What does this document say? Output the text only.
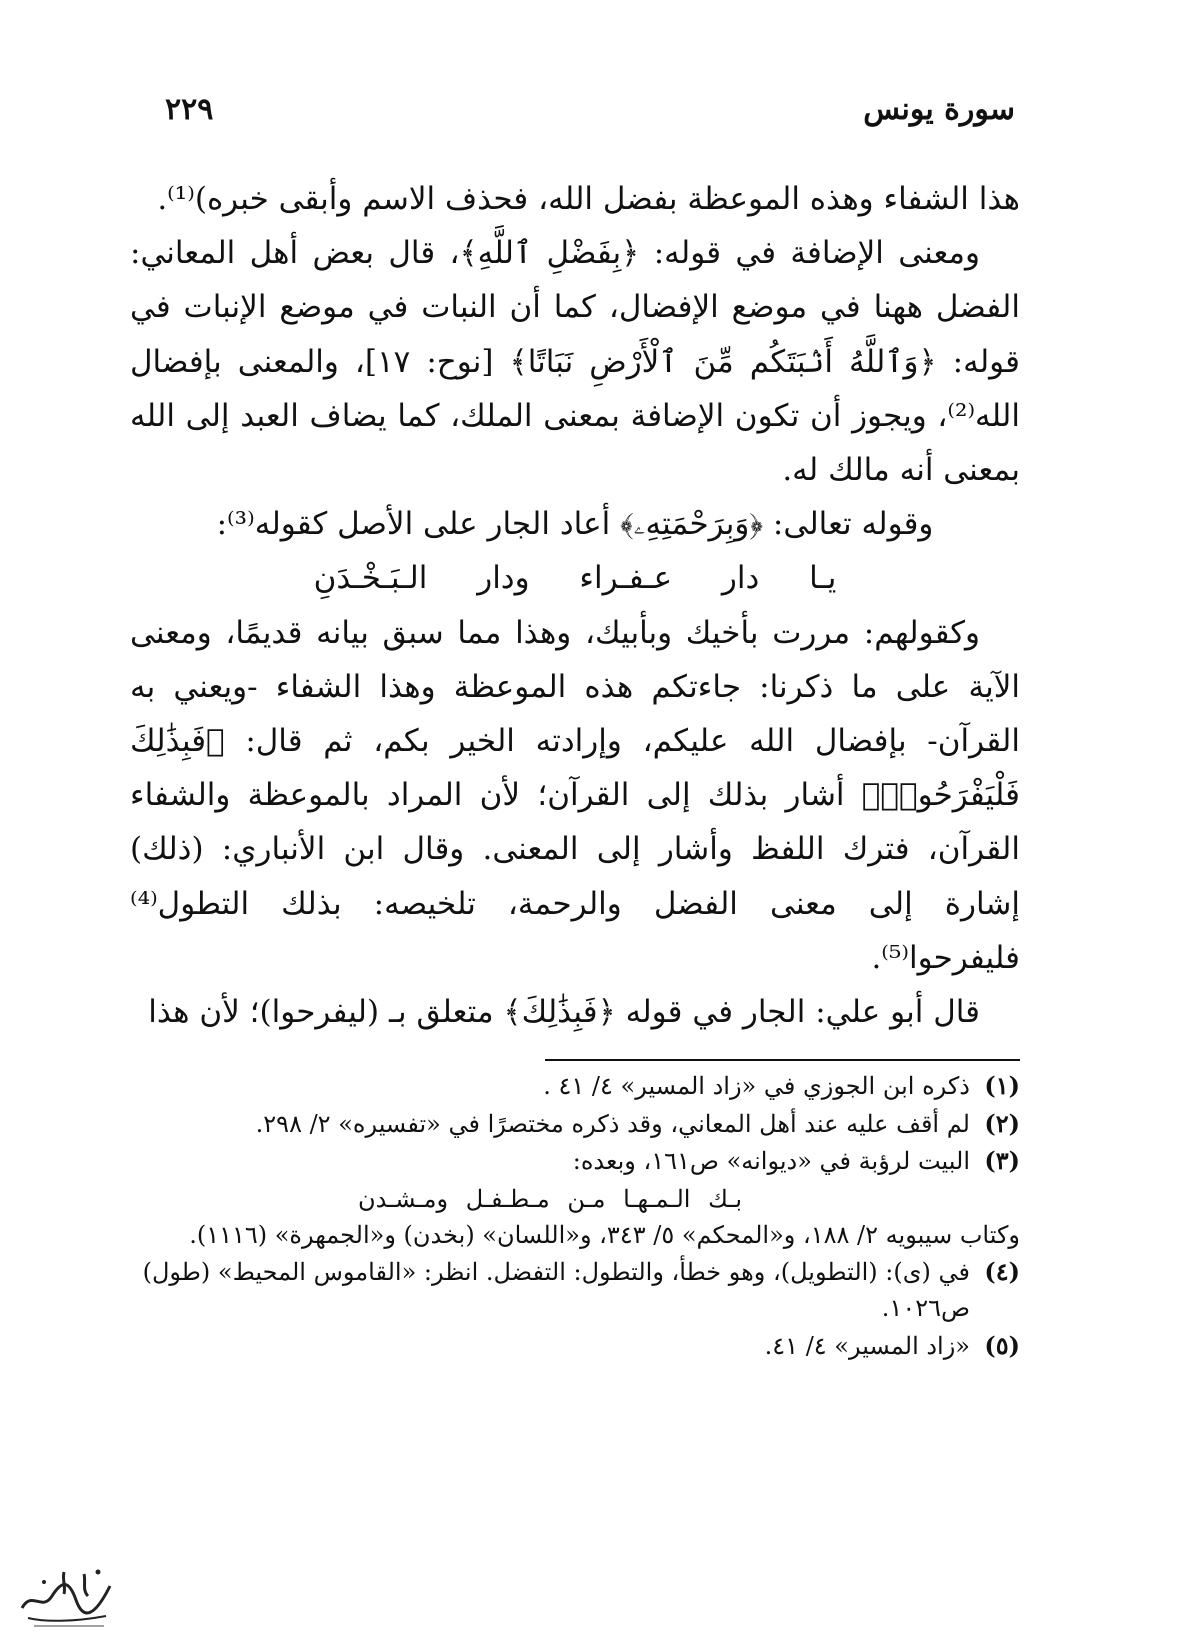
سورة يونس
٢٢٩

هذا الشفاء وهذه الموعظة بفضل الله، فحذف الاسم وأبقى خبره)⁽¹⁾.

ومعنى الإضافة في قوله: ﴿بِفَضْلِ ٱللَّهِ﴾، قال بعض أهل المعاني: الفضل ههنا في موضع الإفضال، كما أن النبات في موضع الإنبات في قوله: ﴿وَٱللَّهُ أَنۢبَتَكُم مِّنَ ٱلْأَرْضِ نَبَاتًا﴾ [نوح: ١٧]، والمعنى بإفضال الله⁽²⁾، ويجوز أن تكون الإضافة بمعنى الملك، كما يضاف العبد إلى الله بمعنى أنه مالك له.

وقوله تعالى: ﴿وَبِرَحْمَتِهِۦ﴾ أعاد الجار على الأصل كقوله⁽³⁾:

يـا دار عـفـراء ودار الـبَـخْـدَنِ

وكقولهم: مررت بأخيك وبأبيك، وهذا مما سبق بيانه قديمًا، ومعنى الآية على ما ذكرنا: جاءتكم هذه الموعظة وهذا الشفاء -ويعني به القرآن- بإفضال الله عليكم، وإرادته الخير بكم، ثم قال: ﴿فَبِذَٰلِكَ فَلْيَفْرَحُوا۟﴾ أشار بذلك إلى القرآن؛ لأن المراد بالموعظة والشفاء القرآن، فترك اللفظ وأشار إلى المعنى. وقال ابن الأنباري: (ذلك) إشارة إلى معنى الفضل والرحمة، تلخيصه: بذلك التطول⁽⁴⁾ فليفرحوا⁽⁵⁾.

قال أبو علي: الجار في قوله ﴿فَبِذَٰلِكَ﴾ متعلق بـ (ليفرحوا)؛ لأن هذا

(١)
ذكره ابن الجوزي في «زاد المسير» ٤/ ٤١ .
(٢)
لم أقف عليه عند أهل المعاني، وقد ذكره مختصرًا في «تفسيره» ٢/ ٢٩٨.
(٣)
البيت لرؤبة في «ديوانه» ص١٦١، وبعده:
بـك الـمـهـا مـن مـطـفـل ومـشـدن
وكتاب سيبويه ٢/ ١٨٨، و«المحكم» ٥/ ٣٤٣، و«اللسان» (بخدن) و«الجمهرة» (١١١٦).
(٤)
في (ى): (التطويل)، وهو خطأ، والتطول: التفضل. انظر: «القاموس المحيط» (طول) ص١٠٢٦.
(٥)
«زاد المسير» ٤/ ٤١.
